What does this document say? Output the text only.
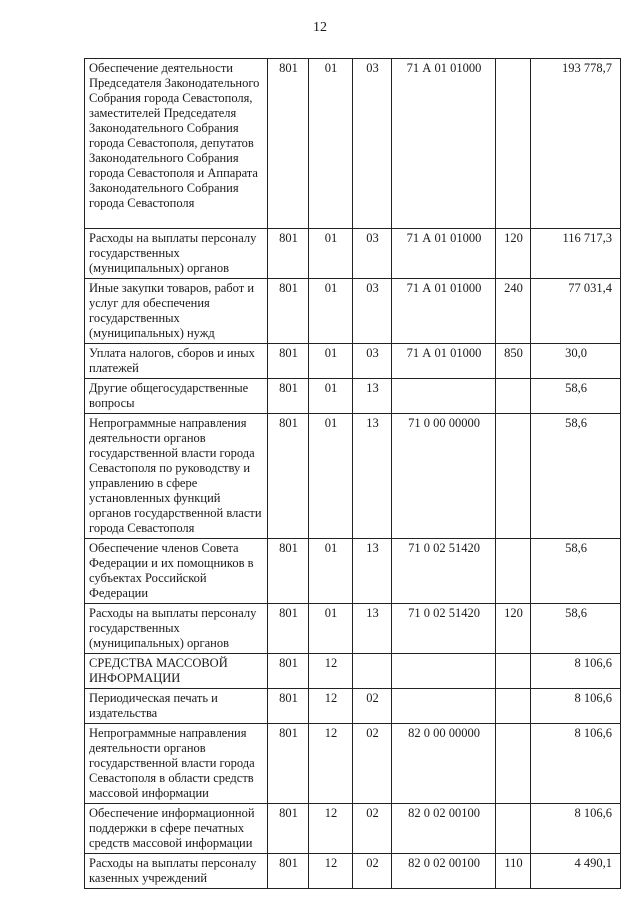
12
Обеспечение деятельности Председателя Законодательного Собрания города Севастополя, заместителей Председателя Законодательного Собрания города Севастополя, депутатов Законодательного Собрания города Севастополя и Аппарата Законодательного Собрания города Севастополя	801	01	03	71 А 01 01000		193 778,7
Расходы на выплаты персоналу государственных (муниципальных) органов	801	01	03	71 А 01 01000	120	116 717,3
Иные закупки товаров, работ и услуг для обеспечения государственных (муниципальных) нужд	801	01	03	71 А 01 01000	240	77 031,4
Уплата налогов, сборов и иных платежей	801	01	03	71 А 01 01000	850	30,0
Другие общегосударственные вопросы	801	01	13			58,6
Непрограммные направления деятельности органов государственной власти города Севастополя по руководству и управлению в сфере установленных функций органов государственной власти города Севастополя	801	01	13	71 0 00 00000		58,6
Обеспечение членов Совета Федерации и их помощников в субъектах Российской Федерации	801	01	13	71 0 02 51420		58,6
Расходы на выплаты персоналу государственных (муниципальных) органов	801	01	13	71 0 02 51420	120	58,6
СРЕДСТВА МАССОВОЙ ИНФОРМАЦИИ	801	12				8 106,6
Периодическая печать и издательства	801	12	02			8 106,6
Непрограммные направления деятельности органов государственной власти города Севастополя в области средств массовой информации	801	12	02	82 0 00 00000		8 106,6
Обеспечение информационной поддержки в сфере печатных средств массовой информации	801	12	02	82 0 02 00100		8 106,6
Расходы на выплаты персоналу казенных учреждений	801	12	02	82 0 02 00100	110	4 490,1
